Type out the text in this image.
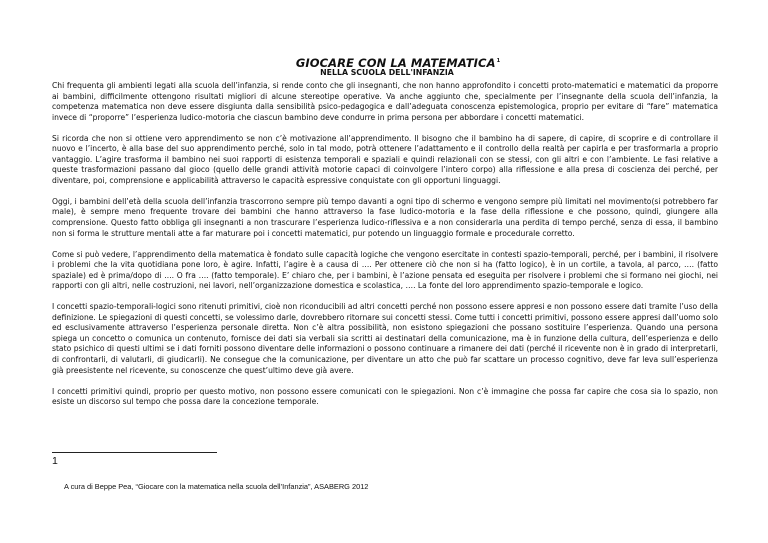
GIOCARE CON LA MATEMATICA$^1$
NELLA SCUOLA DELL'INFANZIA

Chi frequenta gli ambienti legati alla scuola dell’infanzia, si rende conto che gli insegnanti, che non hanno approfondito i concetti proto-matematici e matematici da proporre ai bambini, difficilmente ottengono risultati migliori di alcune stereotipe operative. Va anche aggiunto che, specialmente per l’insegnante della scuola dell’infanzia, la competenza matematica non deve essere disgiunta dalla sensibilità psico-pedagogica e dall’adeguata conoscenza epistemologica, proprio per evitare di “fare” matematica invece di “proporre” l’esperienza ludico-motoria che ciascun bambino deve condurre in prima persona per abbordare i concetti matematici.

Si ricorda che non si ottiene vero apprendimento se non c’è motivazione all’apprendimento. Il bisogno che il bambino ha di sapere, di capire, di scoprire e di controllare il nuovo e l’incerto, è alla base del suo apprendimento perché, solo in tal modo, potrà ottenere l’adattamento e il controllo della realtà per capirla e per trasformarla a proprio vantaggio. L’agire trasforma il bambino nei suoi rapporti di esistenza temporali e spaziali e quindi relazionali con se stessi, con gli altri e con l’ambiente. Le fasi relative a queste trasformazioni passano dal gioco (quello delle grandi attività motorie capaci di coinvolgere l’intero corpo) alla riflessione e alla presa di coscienza dei perché, per diventare, poi, comprensione e applicabilità attraverso le capacità espressive conquistate con gli opportuni linguaggi.

Oggi, i bambini dell’età della scuola dell’infanzia trascorrono sempre più tempo davanti a ogni tipo di schermo e vengono sempre più limitati nel movimento(si potrebbero far male), è sempre meno frequente trovare dei bambini che hanno attraverso la fase ludico-motoria e la fase della riflessione e che possono, quindi, giungere alla comprensione. Questo fatto obbliga gli insegnanti a non trascurare l’esperienza ludico-riflessiva e a non considerarla una perdita di tempo perché, senza di essa, il bambino non si forma le strutture mentali atte a far maturare poi i concetti matematici, pur potendo un linguaggio formale e procedurale corretto.

Come si può vedere, l’apprendimento della matematica è fondato sulle capacità logiche che vengono esercitate in contesti spazio-temporali, perché, per i bambini, il risolvere i problemi che la vita quotidiana pone loro, è agire. Infatti, l’agire è a causa di …. Per ottenere ciò che non si ha (fatto logico), è in un cortile, a tavola, al parco, …. (fatto spaziale) ed è prima/dopo di …. O fra …. (fatto temporale). E’ chiaro che, per i bambini, è l’azione pensata ed eseguita per risolvere i problemi che si formano nei giochi, nei rapporti con gli altri, nelle costruzioni, nei lavori, nell’organizzazione domestica e scolastica, …. La fonte del loro apprendimento spazio-temporale e logico.

I concetti spazio-temporali-logici sono ritenuti primitivi, cioè non riconducibili ad altri concetti perché non possono essere appresi e non possono essere dati tramite l’uso della definizione. Le spiegazioni di questi concetti, se volessimo darle, dovrebbero ritornare sui concetti stessi. Come tutti i concetti primitivi, possono essere appresi dall’uomo solo ed esclusivamente attraverso l’esperienza personale diretta. Non c’è altra possibilità, non esistono spiegazioni che possano sostituire l’esperienza. Quando una persona spiega un concetto o comunica un contenuto, fornisce dei dati sia verbali sia scritti ai destinatari della comunicazione, ma è in funzione della cultura, dell’esperienza e dello stato psichico di questi ultimi se i dati forniti possono diventare delle informazioni o possono continuare a rimanere dei dati (perché il ricevente non è in grado di interpretarli, di confrontarli, di valutarli, di giudicarli). Ne consegue che la comunicazione, per diventare un atto che può far scattare un processo cognitivo, deve far leva sull’esperienza già preesistente nel ricevente, su conoscenze che quest’ultimo deve già avere.

I concetti primitivi quindi, proprio per questo motivo, non possono essere comunicati con le spiegazioni. Non c’è immagine che possa far capire che cosa sia lo spazio, non esiste un discorso sul tempo che possa dare la concezione temporale.

1
A cura di Beppe Pea, “Giocare con la matematica nella scuola dell’Infanzia”, ASABERG 2012
